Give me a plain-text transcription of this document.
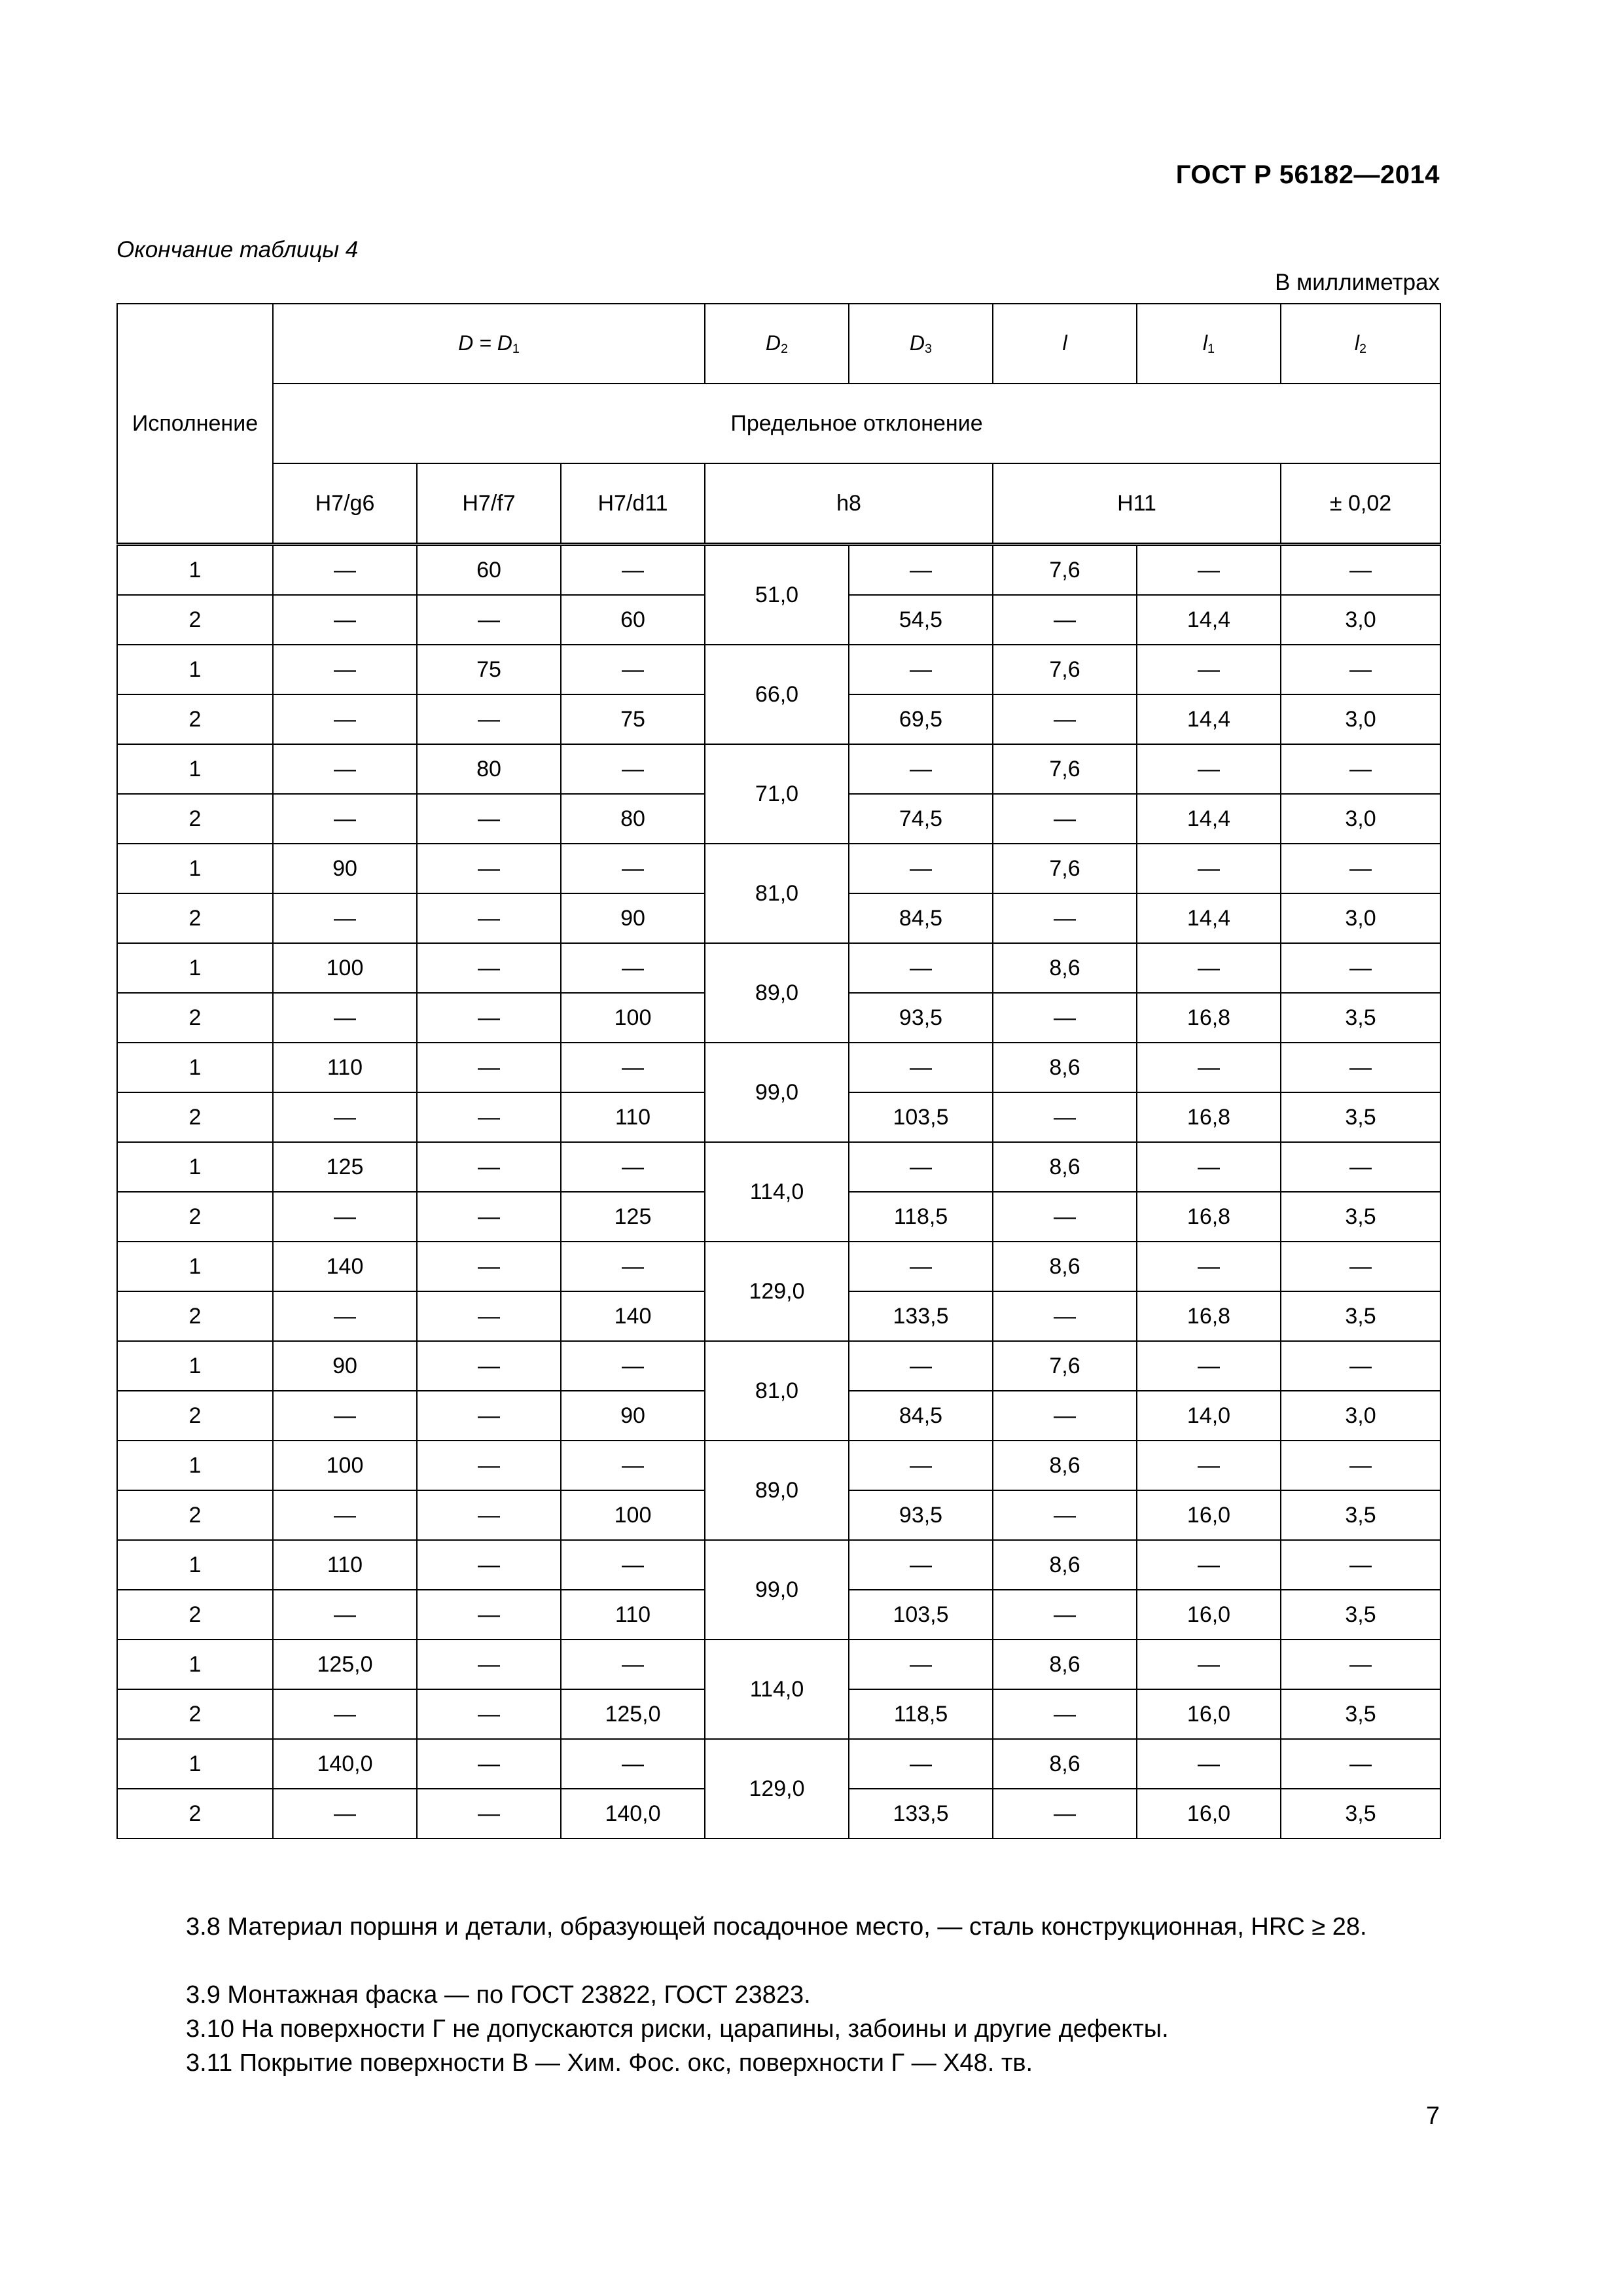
ГОСТ Р 56182—2014
Окончание таблицы 4
В миллиметрах
Исполнение	$D = D_1$			$D_2$	$D_3$	l	$l_1$	$l_2$
	Предельное отклонение							
	H7/g6	H7/f7	H7/d11	h8		H11		± 0,02
1	—	60	—	51,0	—	7,6	—	—
2	—	—	60		54,5	—	14,4	3,0
1	—	75	—	66,0	—	7,6	—	—
2	—	—	75		69,5	—	14,4	3,0
1	—	80	—	71,0	—	7,6	—	—
2	—	—	80		74,5	—	14,4	3,0
1	90	—	—	81,0	—	7,6	—	—
2	—	—	90		84,5	—	14,4	3,0
1	100	—	—	89,0	—	8,6	—	—
2	—	—	100		93,5	—	16,8	3,5
1	110	—	—	99,0	—	8,6	—	—
2	—	—	110		103,5	—	16,8	3,5
1	125	—	—	114,0	—	8,6	—	—
2	—	—	125		118,5	—	16,8	3,5
1	140	—	—	129,0	—	8,6	—	—
2	—	—	140		133,5	—	16,8	3,5
1	90	—	—	81,0	—	7,6	—	—
2	—	—	90		84,5	—	14,0	3,0
1	100	—	—	89,0	—	8,6	—	—
2	—	—	100		93,5	—	16,0	3,5
1	110	—	—	99,0	—	8,6	—	—
2	—	—	110		103,5	—	16,0	3,5
1	125,0	—	—	114,0	—	8,6	—	—
2	—	—	125,0		118,5	—	16,0	3,5
1	140,0	—	—	129,0	—	8,6	—	—
2	—	—	140,0		133,5	—	16,0	3,5
3.8 Материал поршня и детали, образующей посадочное место, — сталь конструкционная, HRC ≥ 28.
3.9 Монтажная фаска — по ГОСТ 23822, ГОСТ 23823.
3.10 На поверхности Г не допускаются риски, царапины, забоины и другие дефекты.
3.11 Покрытие поверхности В — Хим. Фос. окс, поверхности Г — Х48. тв.
7
